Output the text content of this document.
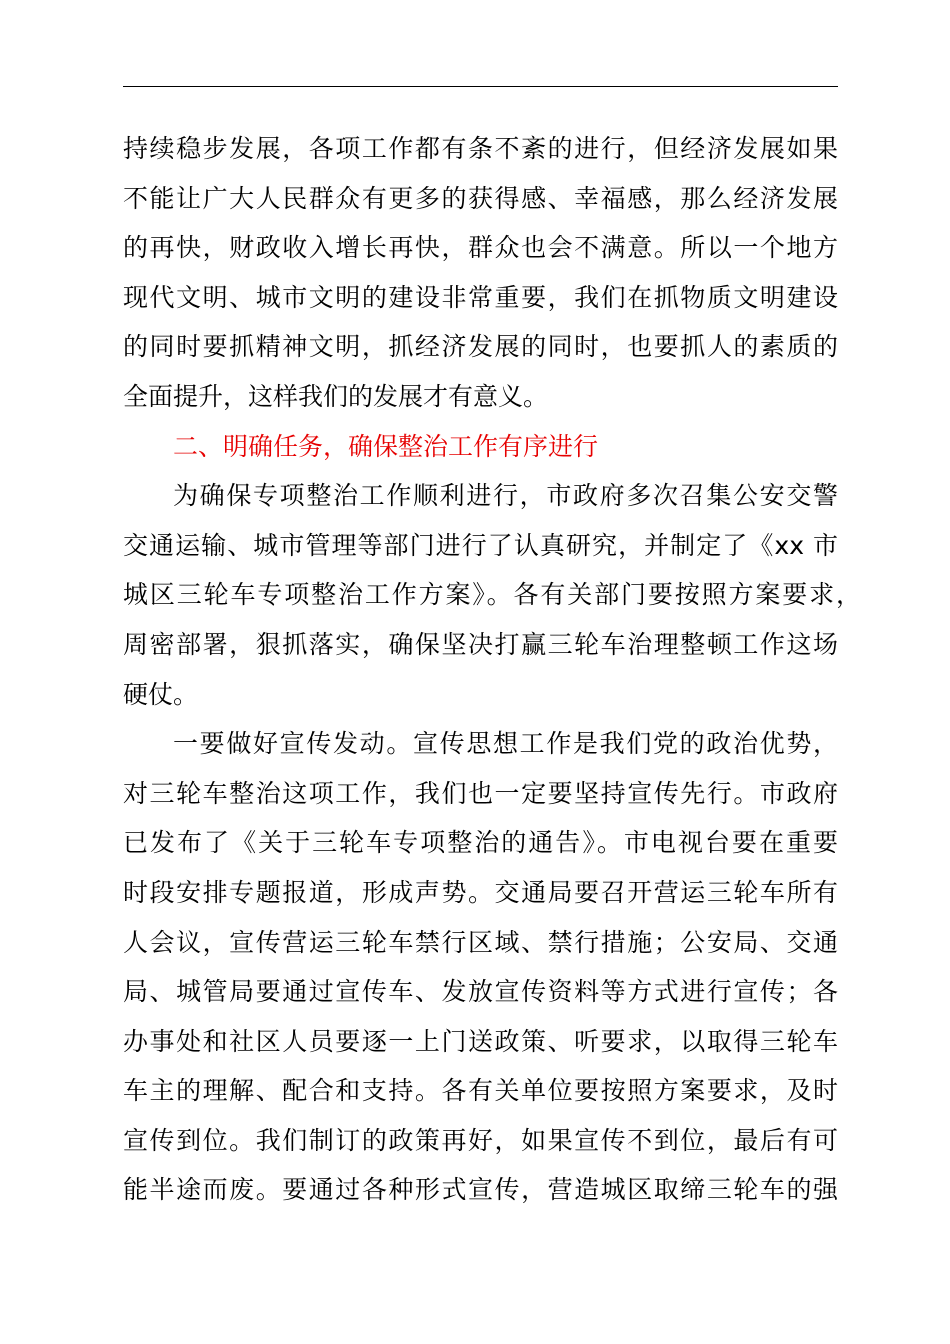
持续稳步发展，各项工作都有条不紊的进行，但经济发展如果
不能让广大人民群众有更多的获得感、幸福感，那么经济发展
的再快，财政收入增长再快，群众也会不满意。所以一个地方
现代文明、城市文明的建设非常重要，我们在抓物质文明建设
的同时要抓精神文明，抓经济发展的同时，也要抓人的素质的
全面提升，这样我们的发展才有意义。
二、明确任务，确保整治工作有序进行
为确保专项整治工作顺利进行，市政府多次召集公安交警
交通运输、城市管理等部门进行了认真研究，并制定了《xx 市
城区三轮车专项整治工作方案》。各有关部门要按照方案要求，
周密部署，狠抓落实，确保坚决打赢三轮车治理整顿工作这场
硬仗。
一要做好宣传发动。宣传思想工作是我们党的政治优势，
对三轮车整治这项工作，我们也一定要坚持宣传先行。市政府
已发布了《关于三轮车专项整治的通告》。市电视台要在重要
时段安排专题报道，形成声势。交通局要召开营运三轮车所有
人会议，宣传营运三轮车禁行区域、禁行措施；公安局、交通
局、城管局要通过宣传车、发放宣传资料等方式进行宣传；各
办事处和社区人员要逐一上门送政策、听要求，以取得三轮车
车主的理解、配合和支持。各有关单位要按照方案要求，及时
宣传到位。我们制订的政策再好，如果宣传不到位，最后有可
能半途而废。要通过各种形式宣传，营造城区取缔三轮车的强
